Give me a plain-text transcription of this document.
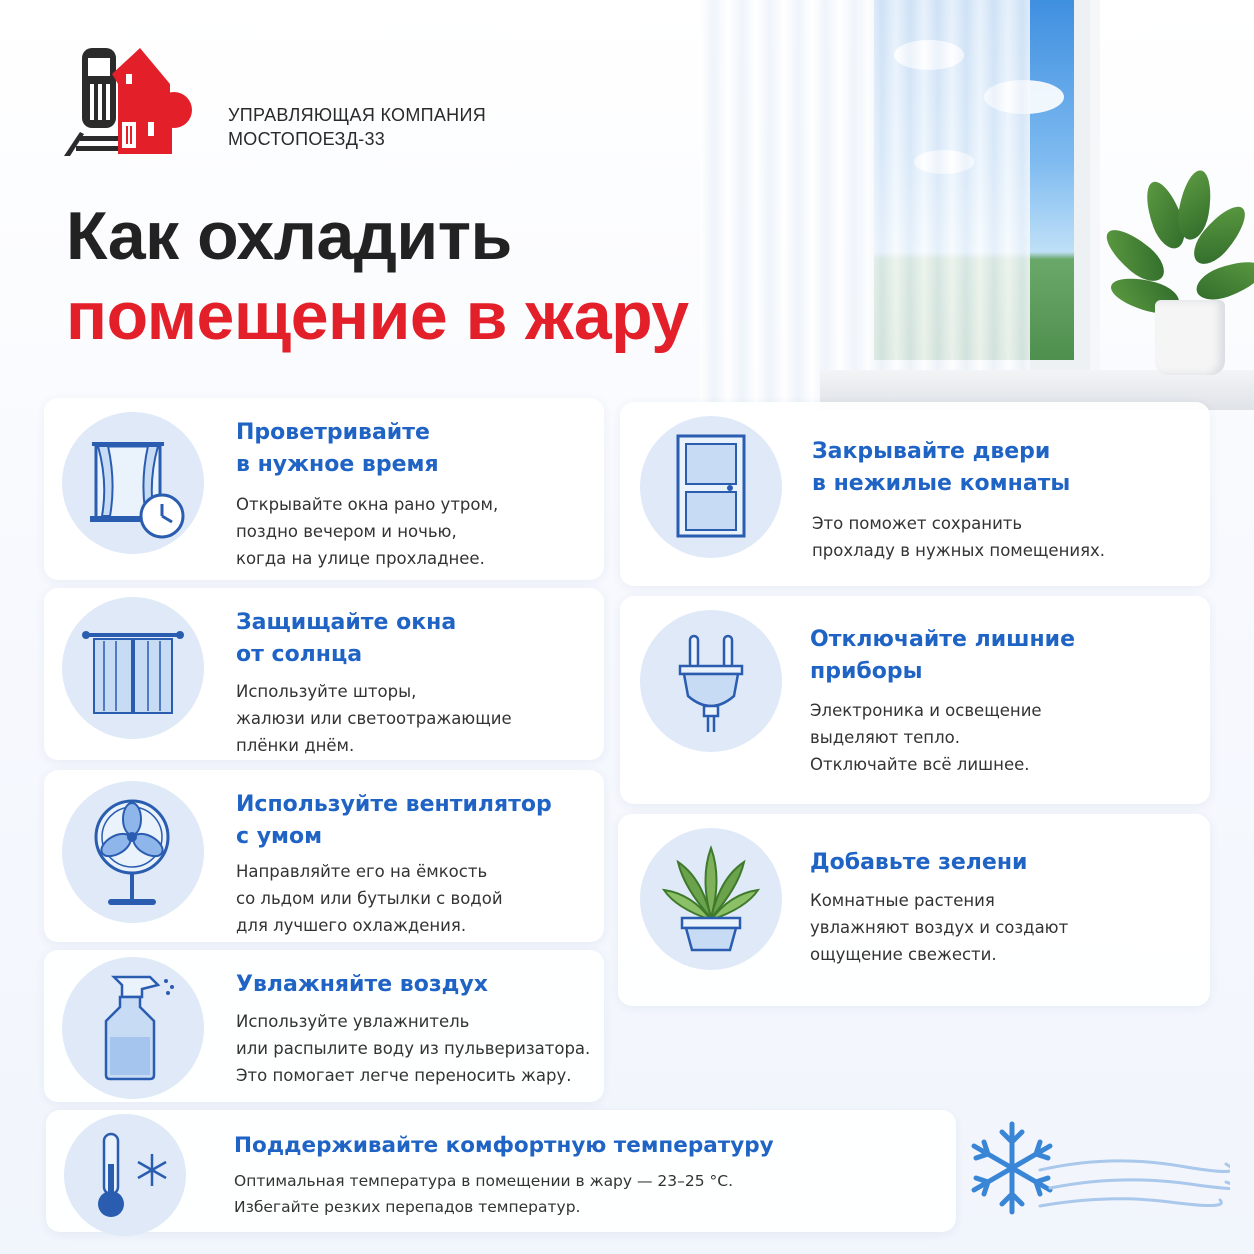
УПРАВЛЯЮЩАЯ КОМПАНИЯ
МОСТОПОЕЗД-33
Как охладить
помещение в жару
Проветривайте
в нужное время
Открывайте окна рано утром,
поздно вечером и ночью,
когда на улице прохладнее.
Закрывайте двери
в нежилые комнаты
Это поможет сохранить
прохладу в нужных помещениях.
Защищайте окна
от солнца
Используйте шторы,
жалюзи или светоотражающие
плёнки днём.
Отключайте лишние
приборы
Электроника и освещение
выделяют тепло.
Отключайте всё лишнее.
Используйте вентилятор
с умом
Направляйте его на ёмкость
со льдом или бутылки с водой
для лучшего охлаждения.
Добавьте зелени
Комнатные растения
увлажняют воздух и создают
ощущение свежести.
Увлажняйте воздух
Используйте увлажнитель
или распылите воду из пульверизатора.
Это помогает легче переносить жару.
Поддерживайте комфортную температуру
Оптимальная температура в помещении в жару — 23–25 °C.
Избегайте резких перепадов температур.
